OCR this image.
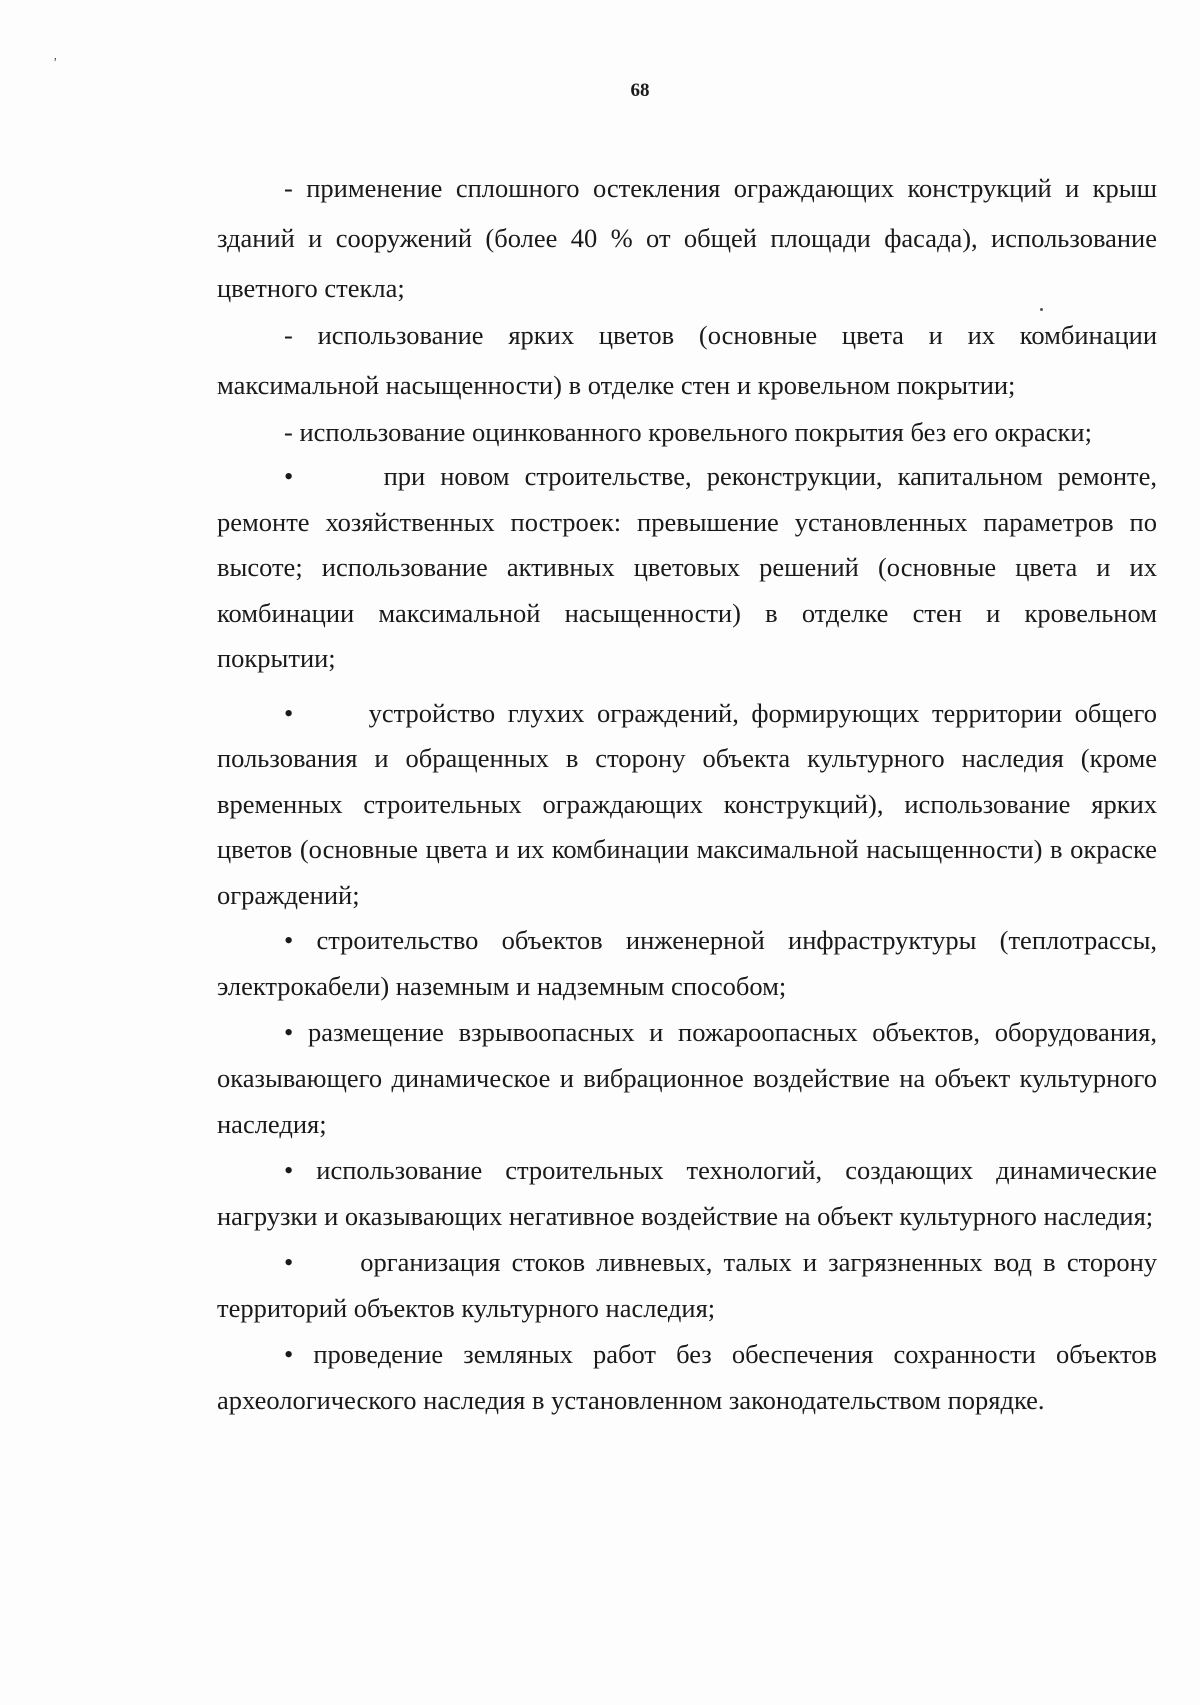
'
68

- применение сплошного остекления ограждающих конструкций и крыш зданий и сооружений (более 40 % от общей площади фасада), использование цветного стекла;

- использование ярких цветов (основные цвета и их комбинации максимальной насыщенности) в отделке стен и кровельном покрытии;

- использование оцинкованного кровельного покрытия без его окраски;

•      при новом строительстве, реконструкции, капитальном ремонте, ремонте хозяйственных построек: превышение установленных параметров по высоте; использование активных цветовых решений (основные цвета и их комбинации максимальной насыщенности) в отделке стен и кровельном покрытии;

•      устройство глухих ограждений, формирующих территории общего пользования и обращенных в сторону объекта культурного наследия (кроме временных строительных ограждающих конструкций), использование ярких цветов (основные цвета и их комбинации максимальной насыщенности) в окраске ограждений;

• строительство объектов инженерной инфраструктуры (теплотрассы, электрокабели) наземным и надземным способом;

• размещение взрывоопасных и пожароопасных объектов, оборудования, оказывающего динамическое и вибрационное воздействие на объект культурного наследия;

• использование строительных технологий, создающих динамические нагрузки и оказывающих негативное воздействие на объект культурного наследия;

•      организация стоков ливневых, талых и загрязненных вод в сторону территорий объектов культурного наследия;

• проведение земляных работ без обеспечения сохранности объектов археологического наследия в установленном законодательством порядке.
